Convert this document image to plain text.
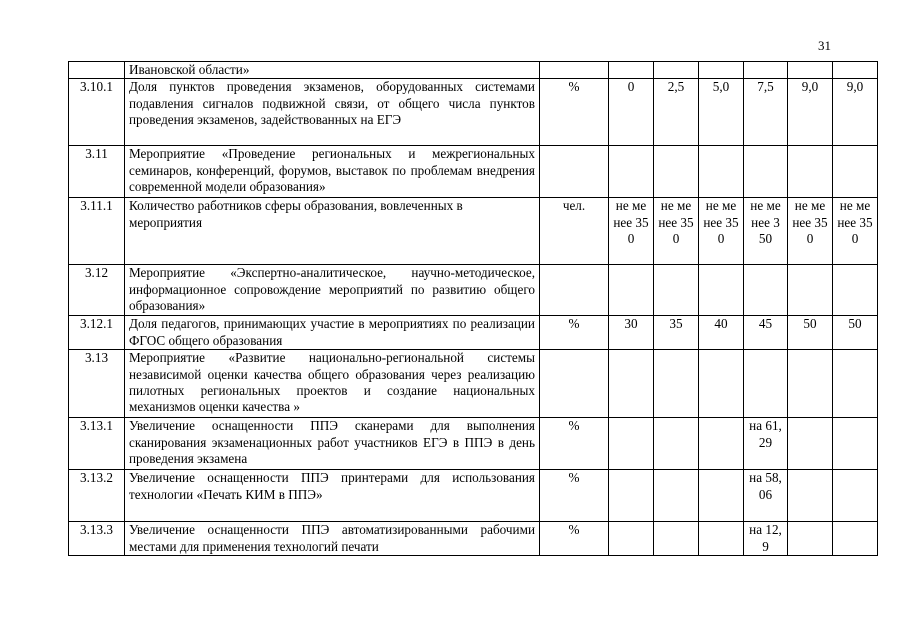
31
	Ивановской области»							
3.10.1	Доля пунктов проведения экзаменов, оборудованных системами подавления сигналов подвижной связи, от общего числа пунктов проведения экзаменов, задействованных на ЕГЭ	%	0	2,5	5,0	7,5	9,0	9,0
3.11	Мероприятие «Проведение региональных и межрегиональных семинаров, конференций, форумов, выставок по проблемам внедрения современной модели образования»							
3.11.1	Количество работников сферы образования, вовлеченных в мероприятия	чел.	не менее 350	не менее 350	не менее 350	не менее 350	не менее 350	не менее 350
3.12	Мероприятие «Экспертно-аналитическое, научно-методическое, информационное сопровождение мероприятий по развитию общего образования»							
3.12.1	Доля педагогов, принимающих участие в мероприятиях по реализации ФГОС общего образования	%	30	35	40	45	50	50
3.13	Мероприятие «Развитие национально-региональной системы независимой оценки качества общего образования через реализацию пилотных региональных проектов и создание национальных механизмов оценки качества »							
3.13.1	Увеличение оснащенности ППЭ сканерами для выполнения сканирования экзаменационных работ участников ЕГЭ в ППЭ в день проведения экзамена	%				на 61,29		
3.13.2	Увеличение оснащенности ППЭ принтерами для использования технологии «Печать КИМ в ППЭ»	%				на 58,06		
3.13.3	Увеличение оснащенности ППЭ автоматизированными рабочими местами для применения технологий печати	%				на 12,9		
